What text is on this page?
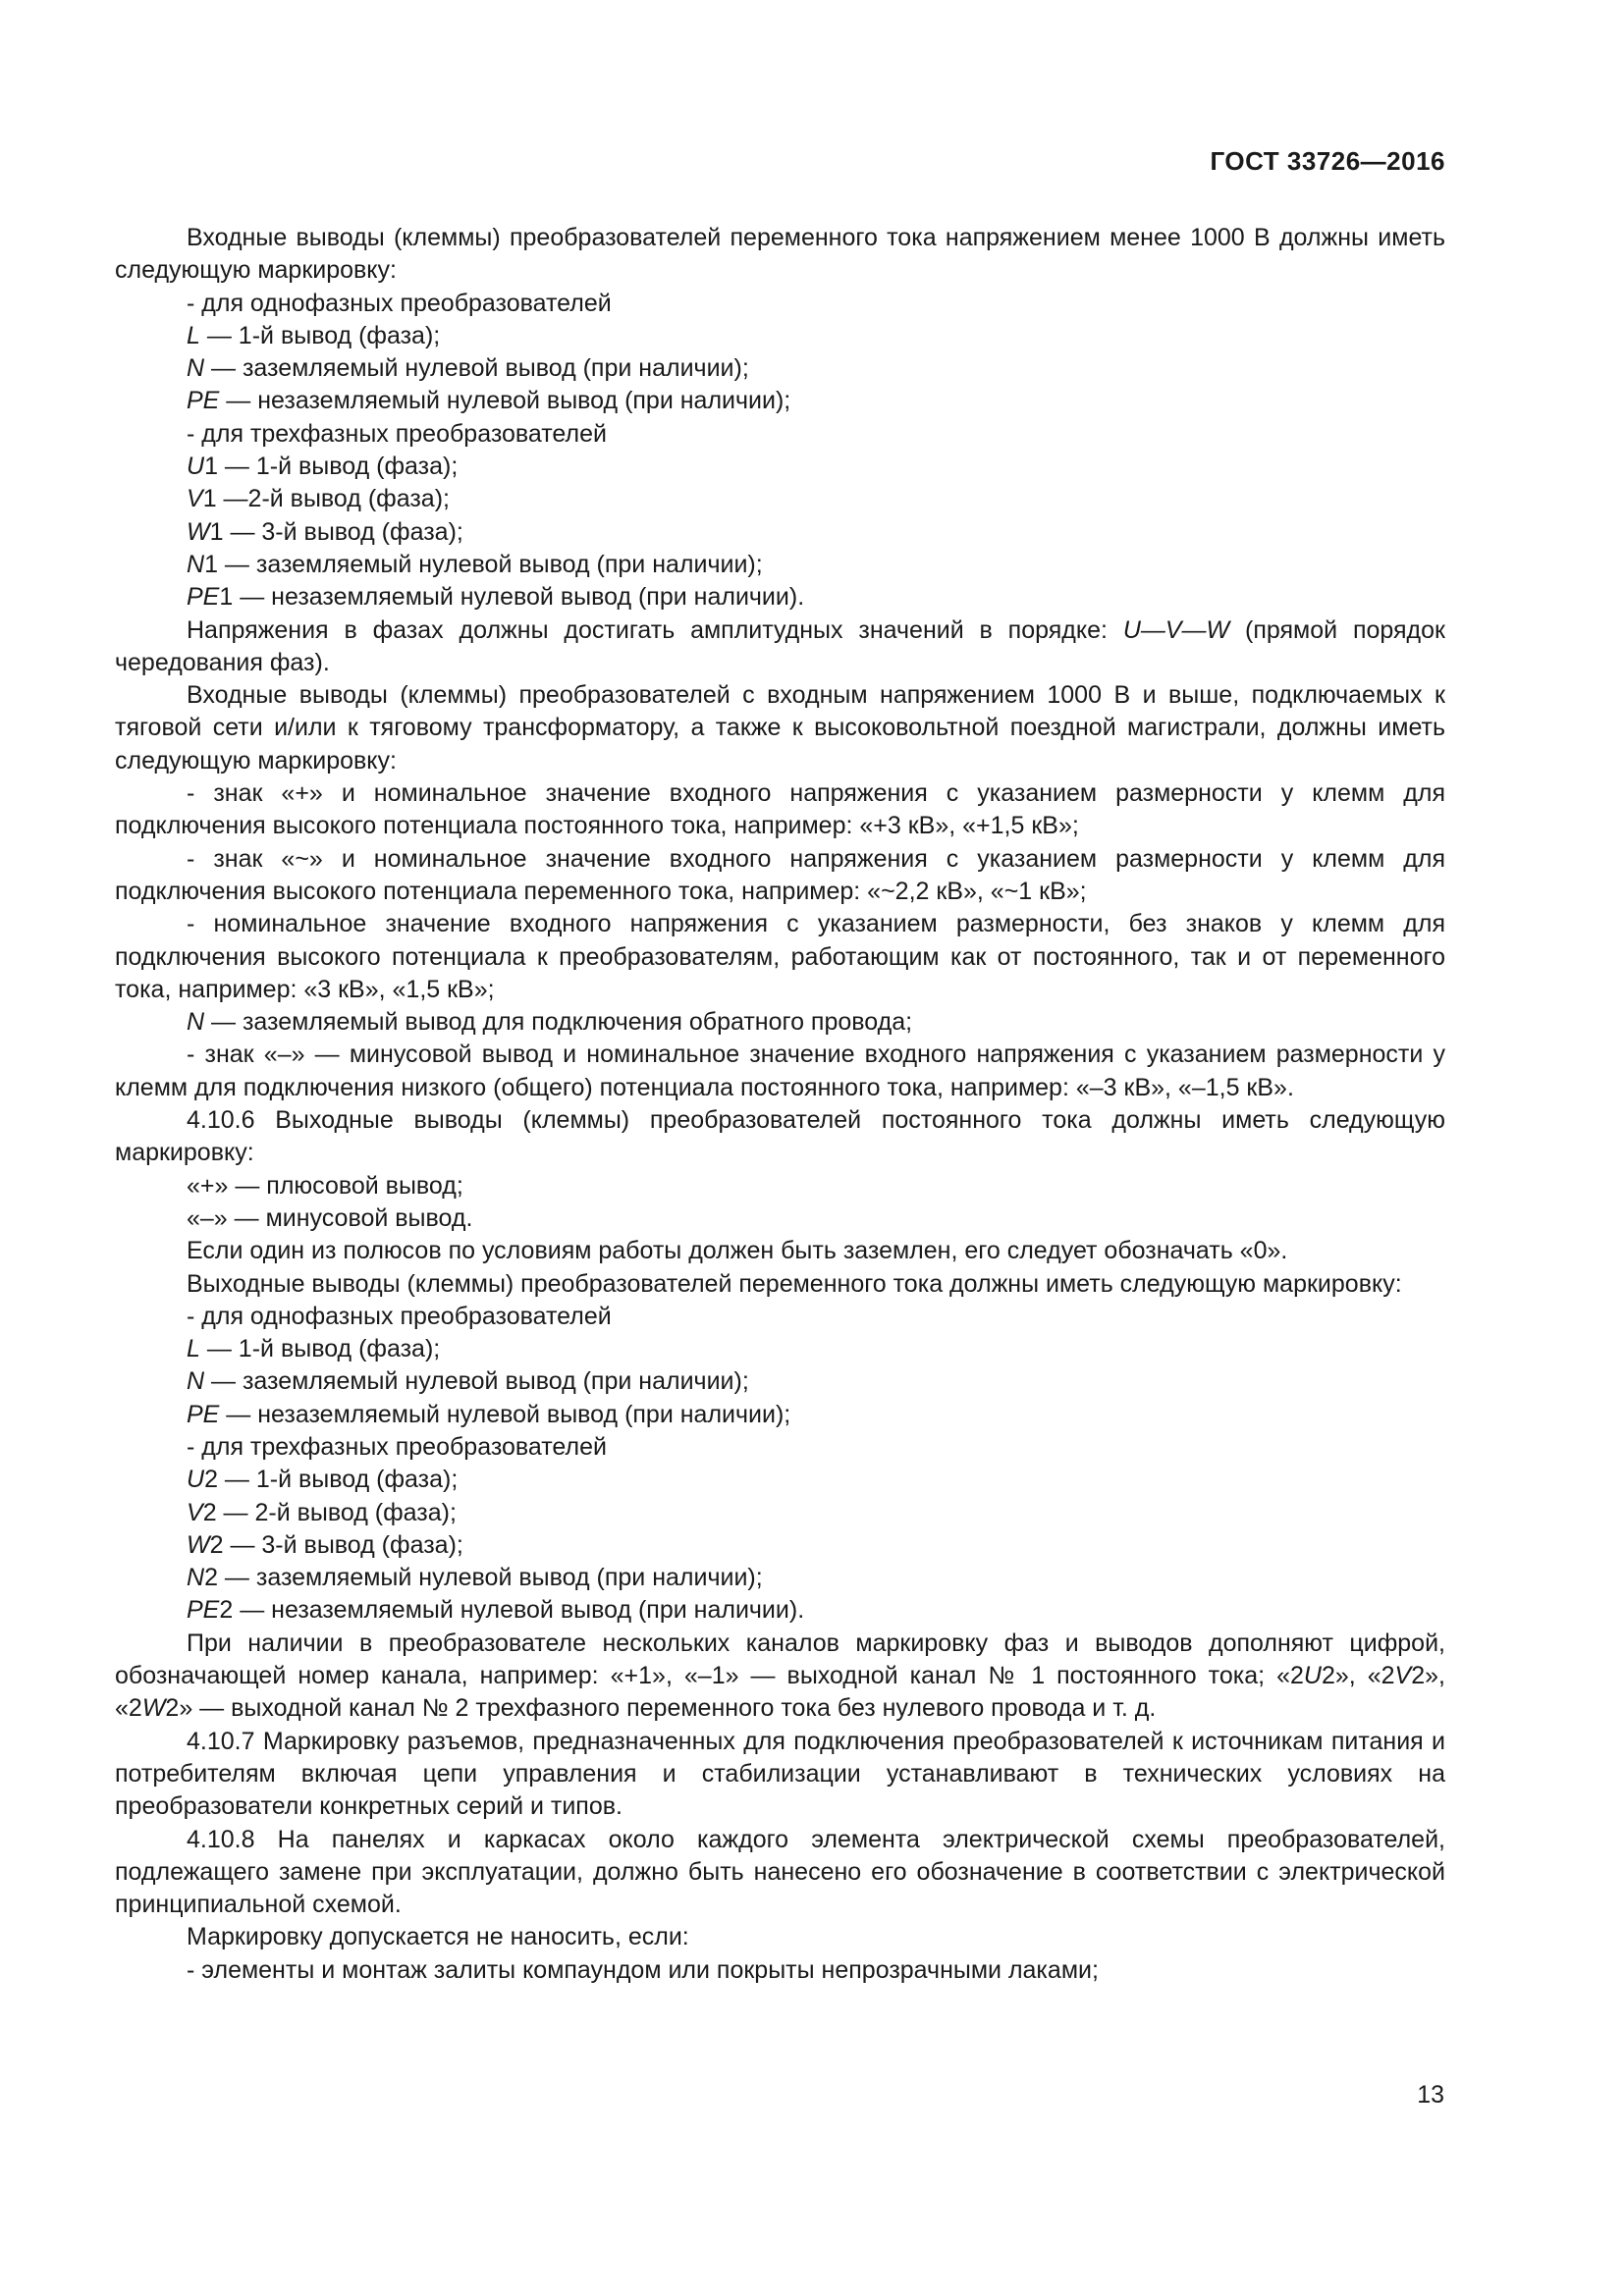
ГОСТ 33726—2016

Входные выводы (клеммы) преобразователей переменного тока напряжением менее 1000 В должны иметь следующую маркировку:

- для однофазных преобразователей

L — 1-й вывод (фаза);

N — заземляемый нулевой вывод (при наличии);

PE — незаземляемый нулевой вывод (при наличии);

- для трехфазных преобразователей

U1 — 1-й вывод (фаза);

V1 —2-й вывод (фаза);

W1 — 3-й вывод (фаза);

N1 — заземляемый нулевой вывод (при наличии);

PE1 — незаземляемый нулевой вывод (при наличии).

Напряжения в фазах должны достигать амплитудных значений в порядке: U—V—W (прямой порядок чередования фаз).

Входные выводы (клеммы) преобразователей с входным напряжением 1000 В и выше, подключаемых к тяговой сети и/или к тяговому трансформатору, а также к высоковольтной поездной магистрали, должны иметь следующую маркировку:

- знак «+» и номинальное значение входного напряжения с указанием размерности у клемм для подключения высокого потенциала постоянного тока, например: «+3 кВ», «+1,5 кВ»;

- знак «~» и номинальное значение входного напряжения с указанием размерности у клемм для подключения высокого потенциала переменного тока, например: «~2,2 кВ», «~1 кВ»;

- номинальное значение входного напряжения с указанием размерности, без знаков у клемм для подключения высокого потенциала к преобразователям, работающим как от постоянного, так и от переменного тока, например: «3 кВ», «1,5 кВ»;

N — заземляемый вывод для подключения обратного провода;

- знак «–» — минусовой вывод и номинальное значение входного напряжения с указанием размерности у клемм для подключения низкого (общего) потенциала постоянного тока, например: «–3 кВ», «–1,5 кВ».

4.10.6 Выходные выводы (клеммы) преобразователей постоянного тока должны иметь следующую маркировку:

«+» — плюсовой вывод;

«–» — минусовой вывод.

Если один из полюсов по условиям работы должен быть заземлен, его следует обозначать «0».

Выходные выводы (клеммы) преобразователей переменного тока должны иметь следующую маркировку:

- для однофазных преобразователей

L — 1-й вывод (фаза);

N — заземляемый нулевой вывод (при наличии);

PE — незаземляемый нулевой вывод (при наличии);

- для трехфазных преобразователей

U2 — 1-й вывод (фаза);

V2 — 2-й вывод (фаза);

W2 — 3-й вывод (фаза);

N2 — заземляемый нулевой вывод (при наличии);

PE2 — незаземляемый нулевой вывод (при наличии).

При наличии в преобразователе нескольких каналов маркировку фаз и выводов дополняют цифрой, обозначающей номер канала, например: «+1», «–1» — выходной канал № 1 постоянного тока; «2U2», «2V2», «2W2» — выходной канал № 2 трехфазного переменного тока без нулевого провода и т. д.

4.10.7 Маркировку разъемов, предназначенных для подключения преобразователей к источникам питания и потребителям включая цепи управления и стабилизации устанавливают в технических условиях на преобразователи конкретных серий и типов.

4.10.8 На панелях и каркасах около каждого элемента электрической схемы преобразователей, подлежащего замене при эксплуатации, должно быть нанесено его обозначение в соответствии с электрической принципиальной схемой.

Маркировку допускается не наносить, если:

- элементы и монтаж залиты компаундом или покрыты непрозрачными лаками;

13
